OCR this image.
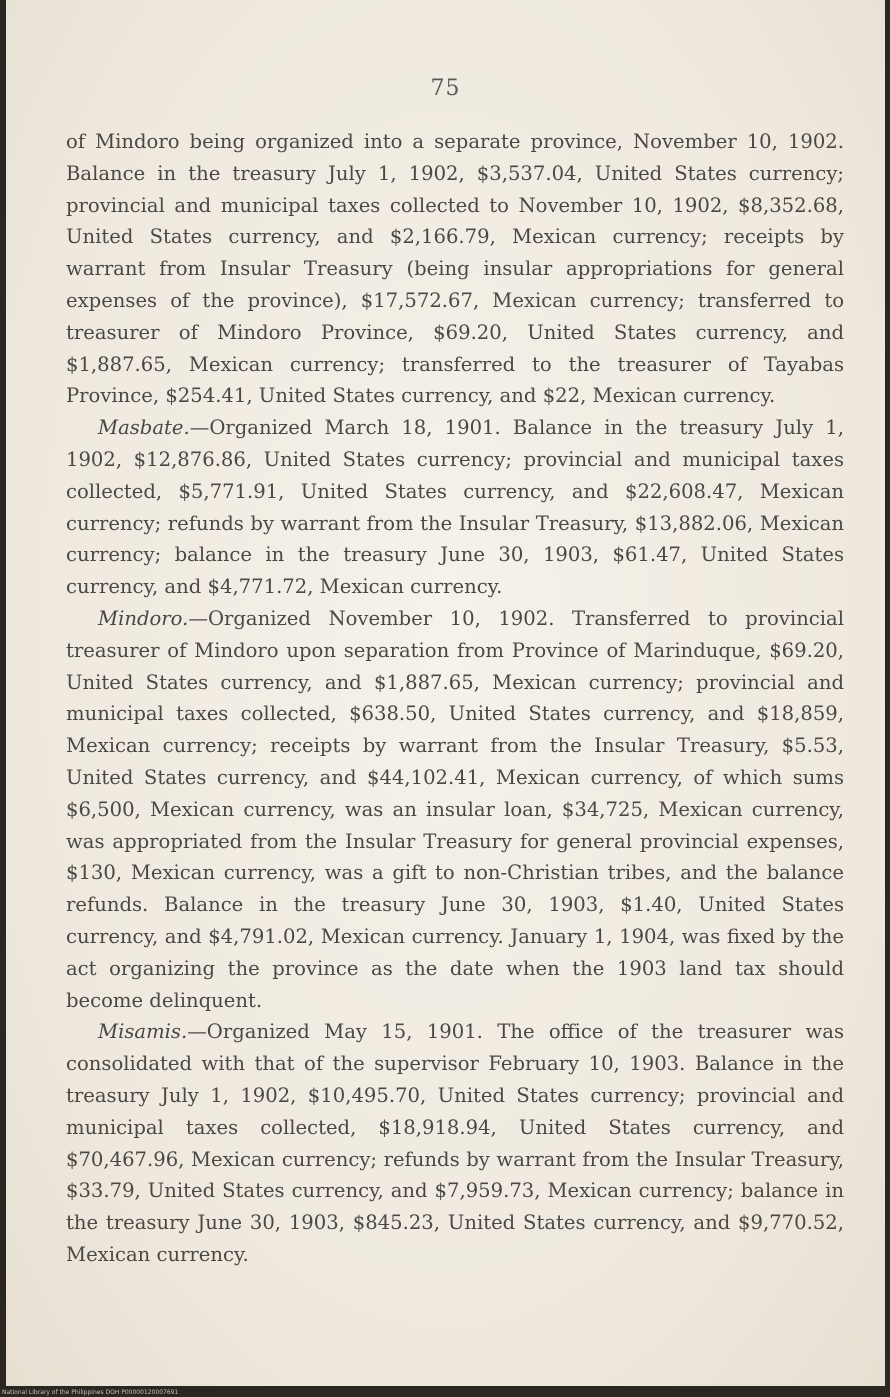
75

of Mindoro being organized into a separate province, November 10, 1902. Balance in the treasury July 1, 1902, $3,537.04, United States currency; provincial and municipal taxes collected to November 10, 1902, $8,352.68, United States currency, and $2,166.79, Mexican currency; receipts by warrant from Insular Treasury (being insular appropriations for general expenses of the province), $17,572.67, Mexican currency; transferred to treasurer of Mindoro Province, $69.20, United States currency, and $1,887.65, Mexican currency; transferred to the treasurer of Tayabas Province, $254.41, United States currency, and $22, Mexican currency.

Masbate.—Organized March 18, 1901. Balance in the treasury July 1, 1902, $12,876.86, United States currency; provincial and municipal taxes collected, $5,771.91, United States currency, and $22,608.47, Mexican currency; refunds by warrant from the Insular Treasury, $13,882.06, Mexican currency; balance in the treasury June 30, 1903, $61.47, United States currency, and $4,771.72, Mexican currency.

Mindoro.—Organized November 10, 1902. Transferred to provincial treasurer of Mindoro upon separation from Province of Marinduque, $69.20, United States currency, and $1,887.65, Mexican currency; provincial and municipal taxes collected, $638.50, United States currency, and $18,859, Mexican currency; receipts by warrant from the Insular Treasury, $5.53, United States currency, and $44,102.41, Mexican currency, of which sums $6,500, Mexican currency, was an insular loan, $34,725, Mexican currency, was appropriated from the Insular Treasury for general provincial expenses, $130, Mexican currency, was a gift to non-Christian tribes, and the balance refunds. Balance in the treasury June 30, 1903, $1.40, United States currency, and $4,791.02, Mexican currency. January 1, 1904, was fixed by the act organizing the province as the date when the 1903 land tax should become delinquent.

Misamis.—Organized May 15, 1901. The office of the treasurer was consolidated with that of the supervisor February 10, 1903. Balance in the treasury July 1, 1902, $10,495.70, United States currency; provincial and municipal taxes collected, $18,918.94, United States currency, and $70,467.96, Mexican currency; refunds by warrant from the Insular Treasury, $33.79, United States currency, and $7,959.73, Mexican currency; balance in the treasury June 30, 1903, $845.23, United States currency, and $9,770.52, Mexican currency.

National Library of the Philippines DOH P00000120007691
